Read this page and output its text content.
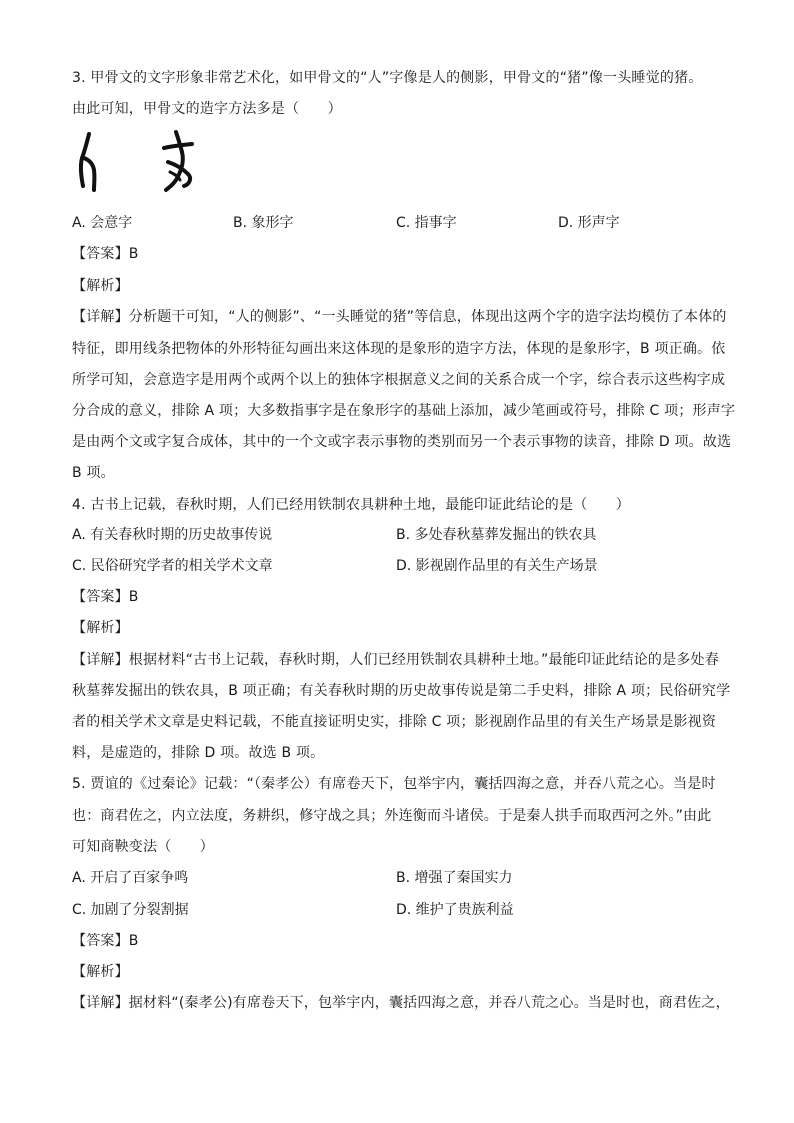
3. 甲骨文的文字形象非常艺术化，如甲骨文的“人”字像是人的侧影，甲骨文的“猪”像一头睡觉的猪。
由此可知，甲骨文的造字方法多是（　　）
A. 会意字	B. 象形字	C. 指事字	D. 形声字
【答案】B
【解析】
【详解】分析题干可知，“人的侧影”、“一头睡觉的猪”等信息，体现出这两个字的造字法均模仿了本体的
特征，即用线条把物体的外形特征勾画出来这体现的是象形的造字方法，体现的是象形字，B 项正确。依
所学可知，会意造字是用两个或两个以上的独体字根据意义之间的关系合成一个字，综合表示这些构字成
分合成的意义，排除 A 项；大多数指事字是在象形字的基础上添加，减少笔画或符号，排除 C 项；形声字
是由两个文或字复合成体，其中的一个文或字表示事物的类别而另一个表示事物的读音，排除 D 项。故选
B 项。
4. 古书上记载，春秋时期，人们已经用铁制农具耕种土地，最能印证此结论的是（　　）
A. 有关春秋时期的历史故事传说	B. 多处春秋墓葬发掘出的铁农具
C. 民俗研究学者的相关学术文章	D. 影视剧作品里的有关生产场景
【答案】B
【解析】
【详解】根据材料“古书上记载，春秋时期，人们已经用铁制农具耕种土地。”最能印证此结论的是多处春
秋墓葬发掘出的铁农具，B 项正确；有关春秋时期的历史故事传说是第二手史料，排除 A 项；民俗研究学
者的相关学术文章是史料记载，不能直接证明史实，排除 C 项；影视剧作品里的有关生产场景是影视资
料，是虚造的，排除 D 项。故选 B 项。
5. 贾谊的《过秦论》记载：“（秦孝公）有席卷天下，包举宇内，囊括四海之意，并吞八荒之心。当是时
也：商君佐之，内立法度，务耕织，修守战之具；外连衡而斗诸侯。于是秦人拱手而取西河之外。”由此
可知商鞅变法（　　）
A. 开启了百家争鸣	B. 增强了秦国实力
C. 加剧了分裂割据	D. 维护了贵族利益
【答案】B
【解析】
【详解】据材料“(秦孝公)有席卷天下，包举宇内，囊括四海之意，并吞八荒之心。当是时也，商君佐之，
